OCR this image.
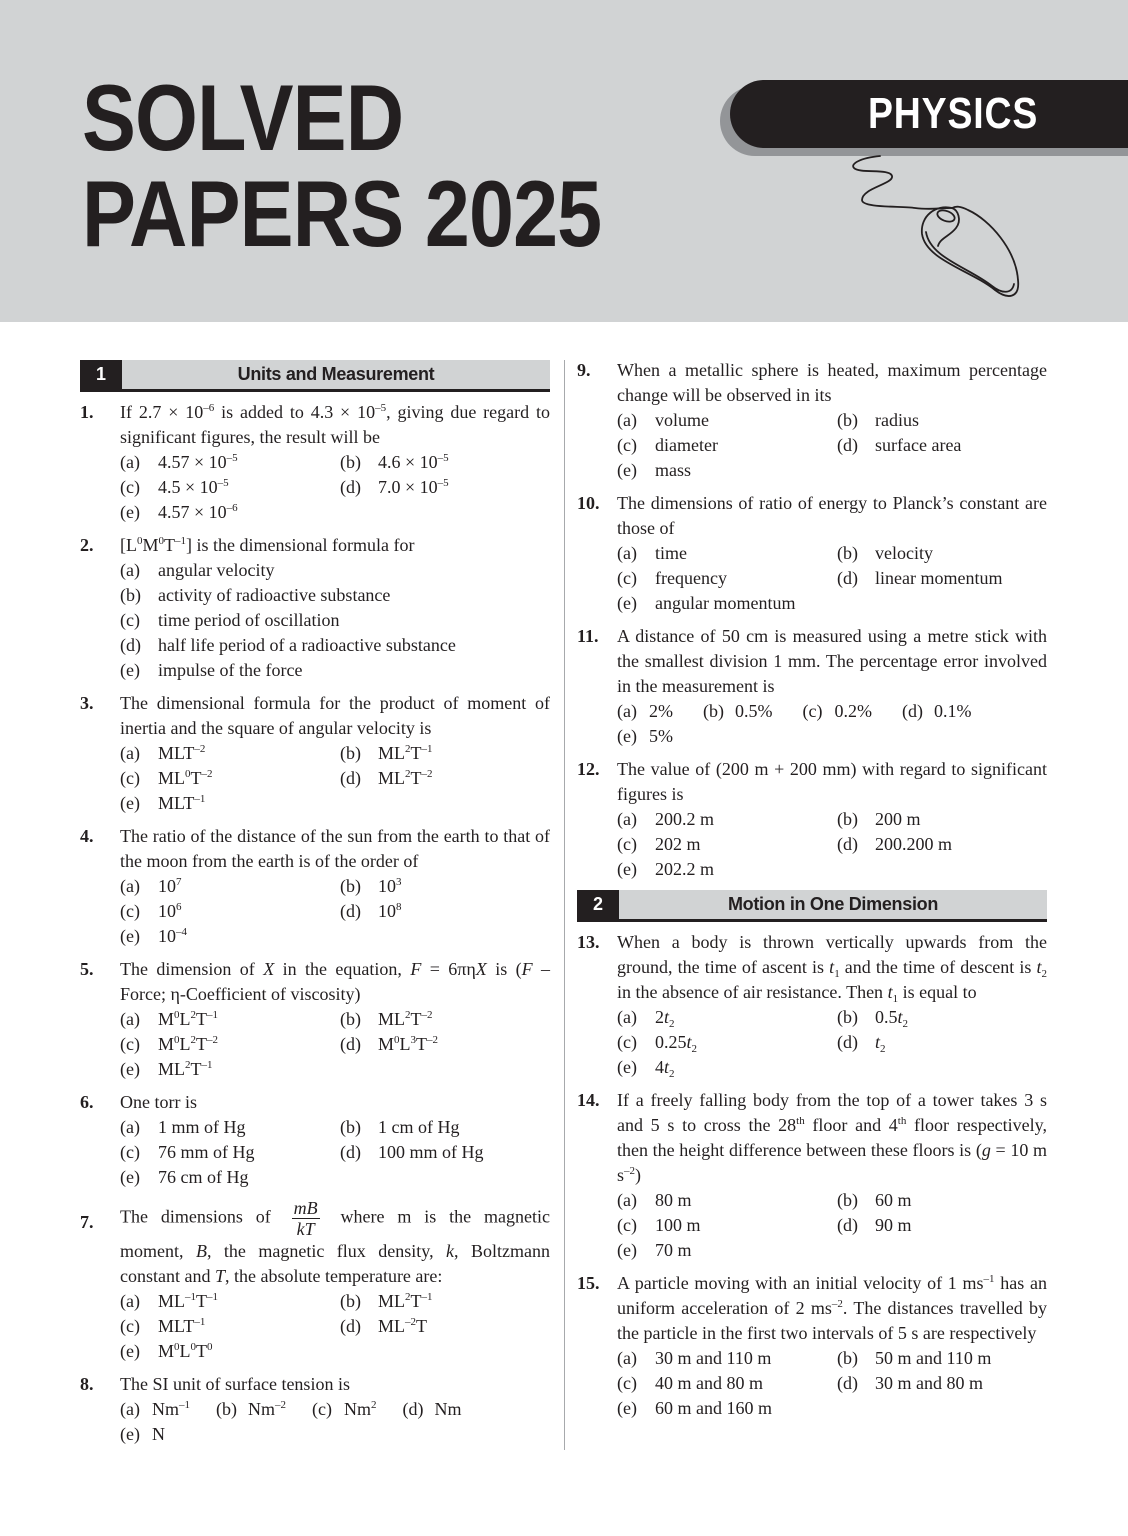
SOLVED
PAPERS 2025
PHYSICS
1	Units and Measurement
1. If $2.7 \times 10^{-6}$ is added to $4.3 \times 10^{-5}$, giving due regard to significant figures, the result will be
(a) $4.57 \times 10^{-5}$	(b) $4.6 \times 10^{-5}$
(c) $4.5 \times 10^{-5}$	(d) $7.0 \times 10^{-5}$
(e) $4.57 \times 10^{-6}$
2. $[L^0M^0T^{-1}]$ is the dimensional formula for
(a) angular velocity
(b) activity of radioactive substance
(c) time period of oscillation
(d) half life period of a radioactive substance
(e) impulse of the force
3. The dimensional formula for the product of moment of inertia and the square of angular velocity is
(a) $MLT^{-2}$	(b) $ML^2T^{-1}$
(c) $ML^0T^{-2}$	(d) $ML^2T^{-2}$
(e) $MLT^{-1}$
4. The ratio of the distance of the sun from the earth to that of the moon from the earth is of the order of
(a) $10^7$	(b) $10^3$
(c) $10^6$	(d) $10^8$
(e) $10^{-4}$
5. The dimension of X in the equation, F = 6πηX is (F – Force; η-Coefficient of viscosity)
(a) $M^0L^2T^{-1}$	(b) $ML^2T^{-2}$
(c) $M^0L^2T^{-2}$	(d) $M^0L^3T^{-2}$
(e) $ML^2T^{-1}$
6. One torr is
(a) 1 mm of Hg	(b) 1 cm of Hg
(c) 76 mm of Hg	(d) 100 mm of Hg
(e) 76 cm of Hg
7. The dimensions of $\frac{mB}{kT}$ where m is the magnetic moment, B, the magnetic flux density, k, Boltzmann constant and T, the absolute temperature are:
(a) $ML^{-1}T^{-1}$	(b) $ML^2T^{-1}$
(c) $MLT^{-1}$	(d) $ML^{-2}T$
(e) $M^0L^0T^0$
8. The SI unit of surface tension is
(a) $Nm^{-1}$ (b) $Nm^{-2}$ (c) Nm$^2$ (d) Nm
(e) N
9. When a metallic sphere is heated, maximum percentage change will be observed in its
(a) volume	(b) radius
(c) diameter	(d) surface area
(e) mass
10. The dimensions of ratio of energy to Planck’s constant are those of
(a) time	(b) velocity
(c) frequency	(d) linear momentum
(e) angular momentum
11. A distance of 50 cm is measured using a metre stick with the smallest division 1 mm. The percentage error involved in the measurement is
(a) 2% (b) 0.5% (c) 0.2% (d) 0.1%
(e) 5%
12. The value of (200 m + 200 mm) with regard to significant figures is
(a) 200.2 m	(b) 200 m
(c) 202 m	(d) 200.200 m
(e) 202.2 m
2	Motion in One Dimension
13. When a body is thrown vertically upwards from the ground, the time of ascent is $t_1$ and the time of descent is $t_2$ in the absence of air resistance. Then $t_1$ is equal to
(a) $2t_2$	(b) $0.5t_2$
(c) $0.25t_2$	(d) $t_2$
(e) $4t_2$
14. If a freely falling body from the top of a tower takes 3 s and 5 s to cross the 28th floor and 4th floor respectively, then the height difference between these floors is (g = 10 m $s^{-2}$)
(a) 80 m	(b) 60 m
(c) 100 m	(d) 90 m
(e) 70 m
15. A particle moving with an initial velocity of 1 $ms^{-1}$ has an uniform acceleration of 2 $ms^{-2}$. The distances travelled by the particle in the first two intervals of 5 s are respectively
(a) 30 m and 110 m	(b) 50 m and 110 m
(c) 40 m and 80 m	(d) 30 m and 80 m
(e) 60 m and 160 m
